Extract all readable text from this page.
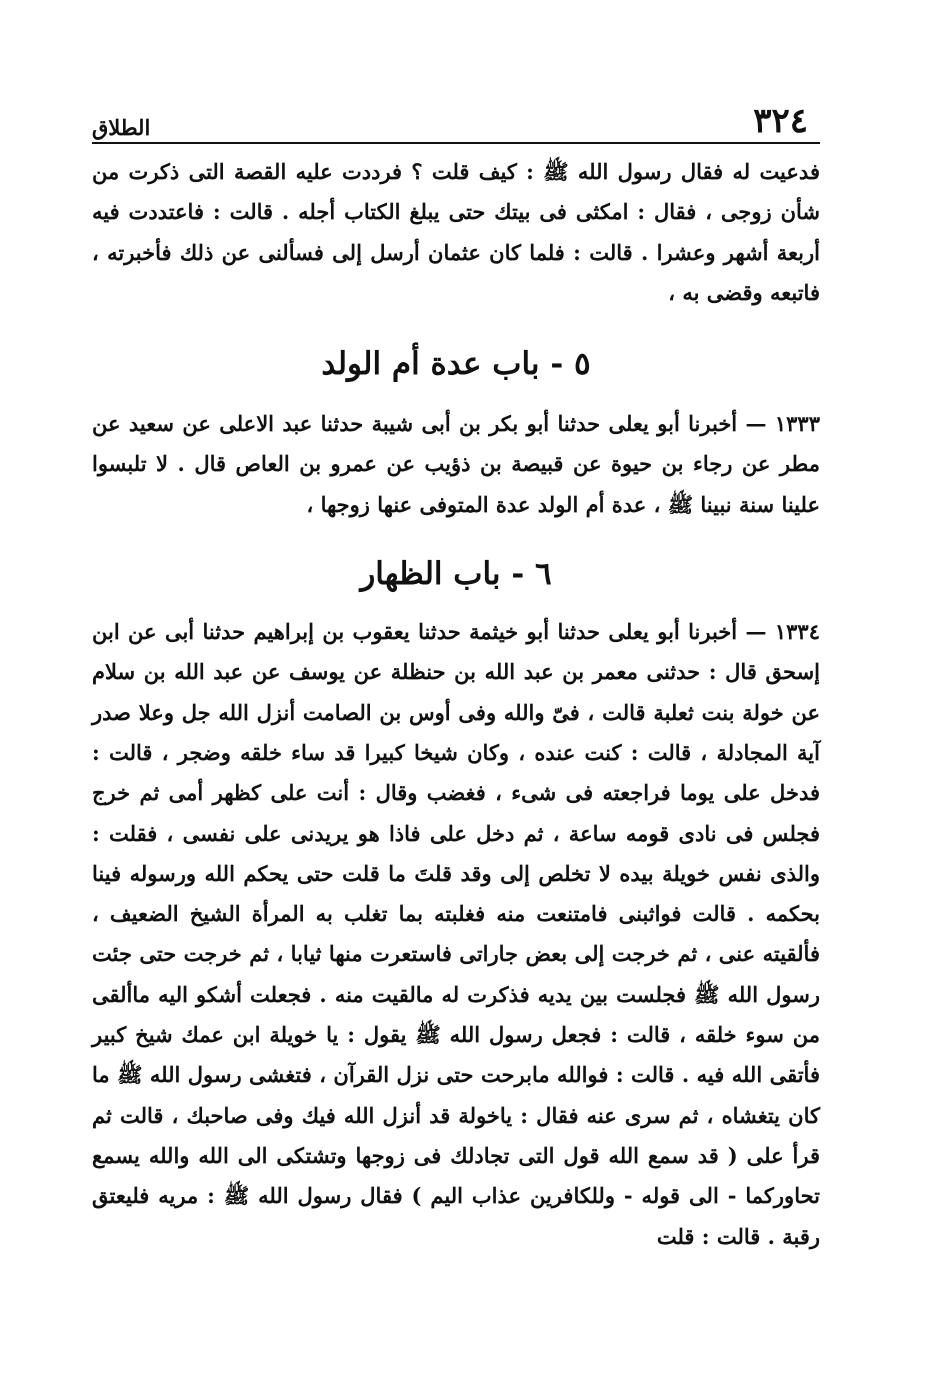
٣٢٤
الطلاق

فدعيت له فقال رسول الله ﷺ : كيف قلت ؟ فرددت عليه القصة التى ذكرت من شأن زوجى ، فقال : امكثى فى بيتك حتى يبلغ الكتاب أجله . قالت : فاعتددت فيه أربعة أشهر وعشرا . قالت : فلما كان عثمان أرسل إلى فسألنى عن ذلك فأخبرته ، فاتبعه وقضى به ،

٥ - باب عدة أم الولد

١٣٣٣ — أخبرنا أبو يعلى حدثنا أبو بكر بن أبى شيبة حدثنا عبد الاعلى عن سعيد عن مطر عن رجاء بن حيوة عن قبيصة بن ذؤيب عن عمرو بن العاص قال . لا تلبسوا علينا سنة نبينا ﷺ ، عدة أم الولد عدة المتوفى عنها زوجها ،

٦ - باب الظهار

١٣٣٤ — أخبرنا أبو يعلى حدثنا أبو خيثمة حدثنا يعقوب بن إبراهيم حدثنا أبى عن ابن إسحق قال : حدثنى معمر بن عبد الله بن حنظلة عن يوسف عن عبد الله بن سلام عن خولة بنت ثعلبة قالت ، فىّ والله وفى أوس بن الصامت أنزل الله جل وعلا صدر آية المجادلة ، قالت : كنت عنده ، وكان شيخا كبيرا قد ساء خلقه وضجر ، قالت : فدخل على يوما فراجعته فى شىء ، فغضب وقال : أنت على كظهر أمى ثم خرج فجلس فى نادى قومه ساعة ، ثم دخل على فاذا هو يريدنى على نفسى ، فقلت : والذى نفس خويلة بيده لا تخلص إلى وقد قلتَ ما قلت حتى يحكم الله ورسوله فينا بحكمه . قالت فواثبنى فامتنعت منه فغلبته بما تغلب به المرأة الشيخ الضعيف ، فألقيته عنى ، ثم خرجت إلى بعض جاراتى فاستعرت منها ثيابا ، ثم خرجت حتى جئت رسول الله ﷺ فجلست بين يديه فذكرت له مالقيت منه . فجعلت أشكو اليه ماألقى من سوء خلقه ، قالت : فجعل رسول الله ﷺ يقول : يا خويلة ابن عمك شيخ كبير فأتقى الله فيه . قالت : فوالله مابرحت حتى نزل القرآن ، فتغشى رسول الله ﷺ ما كان يتغشاه ، ثم سرى عنه فقال : ياخولة قد أنزل الله فيك وفى صاحبك ، قالت ثم قرأ على ( قد سمع الله قول التى تجادلك فى زوجها وتشتكى الى الله والله يسمع تحاوركما - الى قوله - وللكافرين عذاب اليم ) فقال رسول الله ﷺ : مريه فليعتق رقبة . قالت : قلت
